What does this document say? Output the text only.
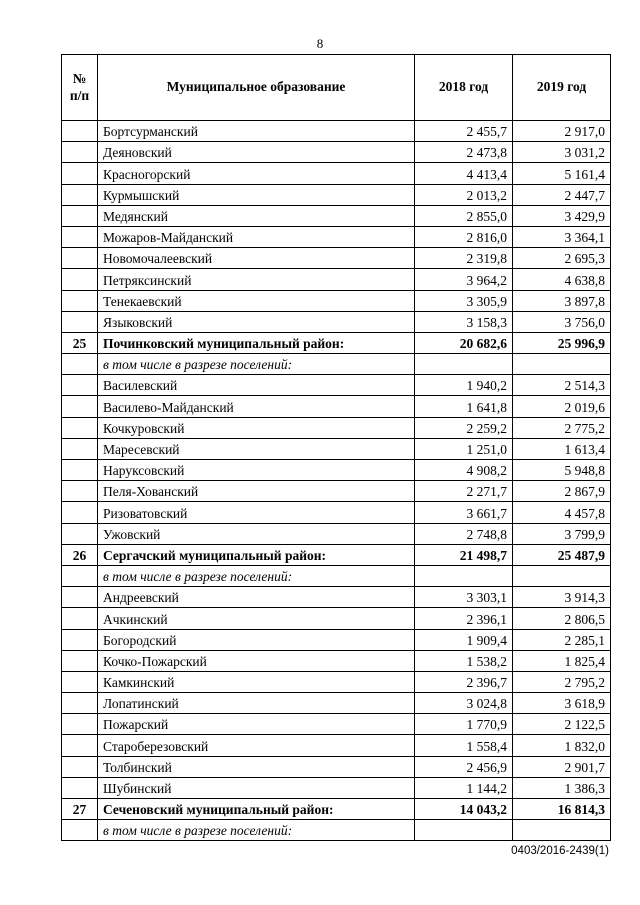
8
№
п/п	Муниципальное образование	2018 год	2019 год
	Бортсурманский	2 455,7	2 917,0
	Деяновский	2 473,8	3 031,2
	Красногорский	4 413,4	5 161,4
	Курмышский	2 013,2	2 447,7
	Медянский	2 855,0	3 429,9
	Можаров-Майданский	2 816,0	3 364,1
	Новомочалеевский	2 319,8	2 695,3
	Петряксинский	3 964,2	4 638,8
	Тенекаевский	3 305,9	3 897,8
	Языковский	3 158,3	3 756,0
25	Починковский муниципальный район:	20 682,6	25 996,9
	в том числе в разрезе поселений:		
	Василевский	1 940,2	2 514,3
	Василево-Майданский	1 641,8	2 019,6
	Кочкуровский	2 259,2	2 775,2
	Маресевский	1 251,0	1 613,4
	Наруксовский	4 908,2	5 948,8
	Пеля-Хованский	2 271,7	2 867,9
	Ризоватовский	3 661,7	4 457,8
	Ужовский	2 748,8	3 799,9
26	Сергачский муниципальный район:	21 498,7	25 487,9
	в том числе в разрезе поселений:		
	Андреевский	3 303,1	3 914,3
	Ачкинский	2 396,1	2 806,5
	Богородский	1 909,4	2 285,1
	Кочко-Пожарский	1 538,2	1 825,4
	Камкинский	2 396,7	2 795,2
	Лопатинский	3 024,8	3 618,9
	Пожарский	1 770,9	2 122,5
	Староберезовский	1 558,4	1 832,0
	Толбинский	2 456,9	2 901,7
	Шубинский	1 144,2	1 386,3
27	Сеченовский муниципальный район:	14 043,2	16 814,3
	в том числе в разрезе поселений:		
0403/2016-2439(1)
